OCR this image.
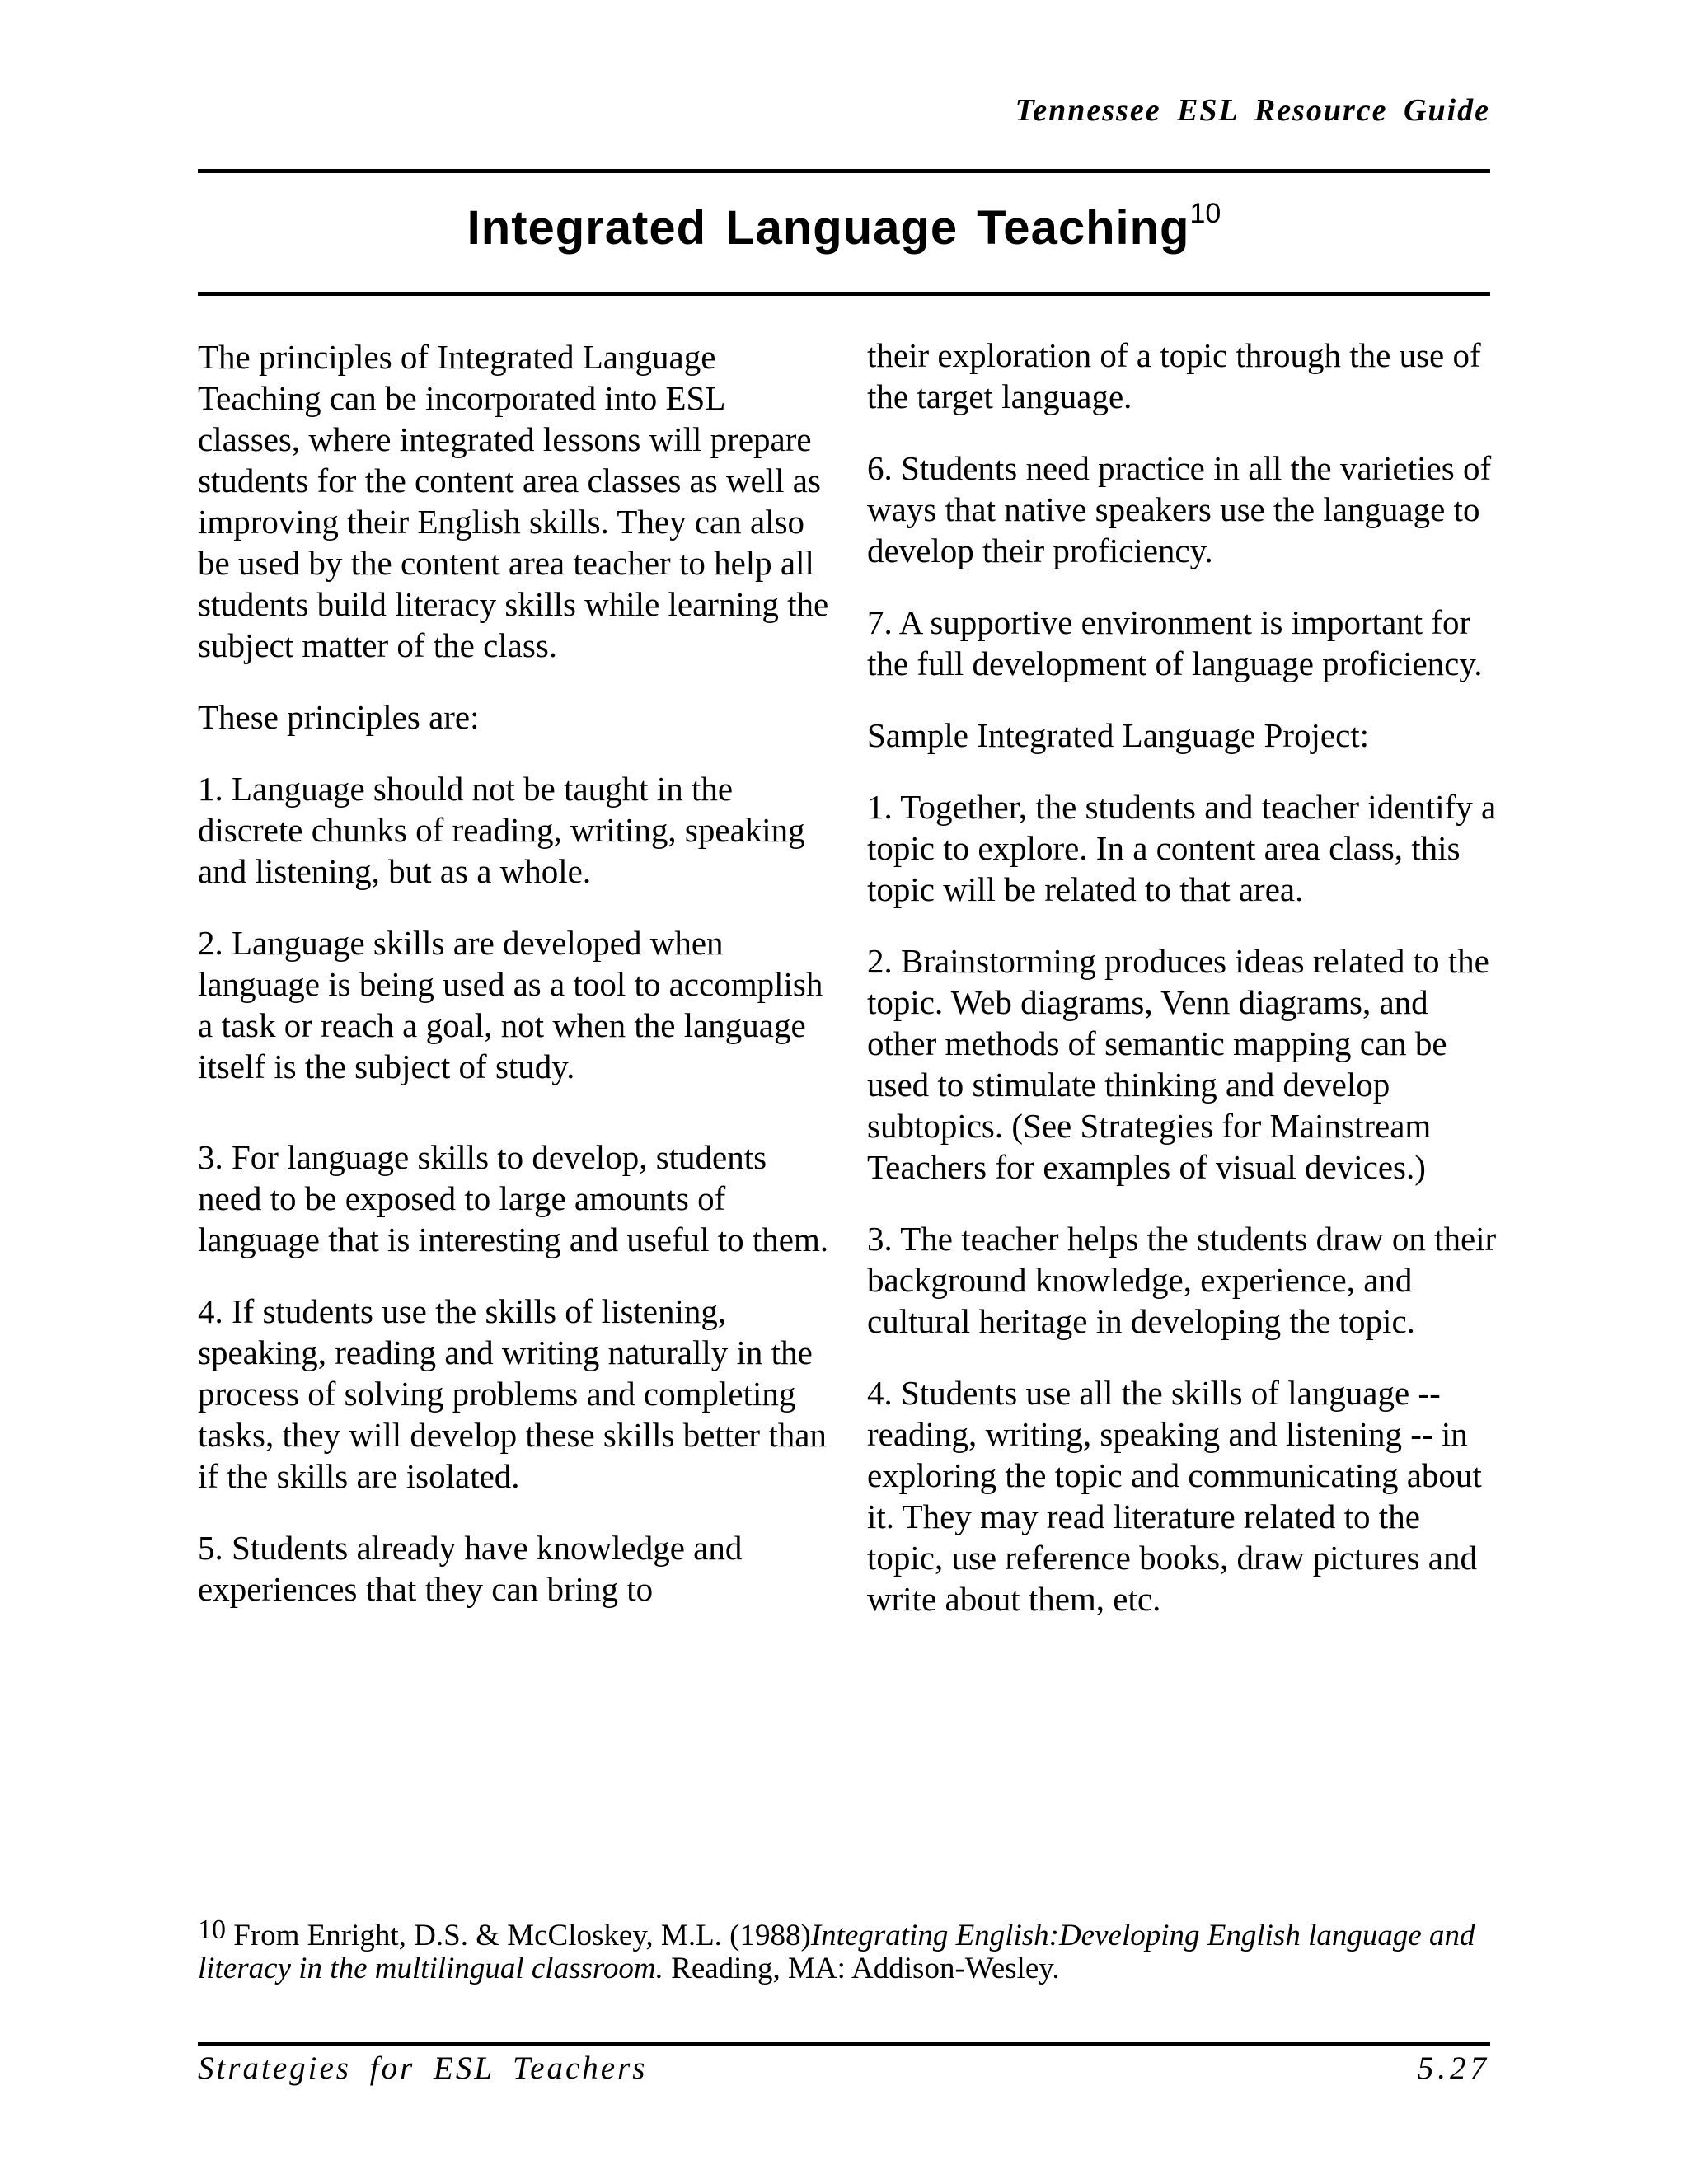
Tennessee ESL Resource Guide
Integrated Language Teaching$^{10}$

The principles of Integrated Language Teaching can be incorporated into ESL classes, where integrated lessons will prepare students for the content area classes as well as improving their English skills. They can also be used by the content area teacher to help all students build literacy skills while learning the subject matter of the class.

These principles are:

1. Language should not be taught in the discrete chunks of reading, writing, speaking and listening, but as a whole.

2. Language skills are developed when language is being used as a tool to accomplish a task or reach a goal, not when the language itself is the subject of study.

3. For language skills to develop, students need to be exposed to large amounts of language that is interesting and useful to them.

4. If students use the skills of listening, speaking, reading and writing naturally in the process of solving problems and completing tasks, they will develop these skills better than if the skills are isolated.

5. Students already have knowledge and experiences that they can bring to

their exploration of a topic through the use of the target language.

6. Students need practice in all the varieties of ways that native speakers use the language to develop their proficiency.

7. A supportive environment is important for the full development of language proficiency.

Sample Integrated Language Project:

1. Together, the students and teacher identify a topic to explore. In a content area class, this topic will be related to that area.

2. Brainstorming produces ideas related to the topic. Web diagrams, Venn diagrams, and other methods of semantic mapping can be used to stimulate thinking and develop subtopics. (See Strategies for Mainstream Teachers for examples of visual devices.)

3. The teacher helps the students draw on their background knowledge, experience, and cultural heritage in developing the topic.

4. Students use all the skills of language -- reading, writing, speaking and listening -- in exploring the topic and communicating about it. They may read literature related to the topic, use reference books, draw pictures and write about them, etc.

$^{10}$ From Enright, D.S. & McCloskey, M.L. (1988)Integrating English:Developing English language and literacy in the multilingual classroom. Reading, MA: Addison-Wesley.
Strategies for ESL Teachers	5.27
